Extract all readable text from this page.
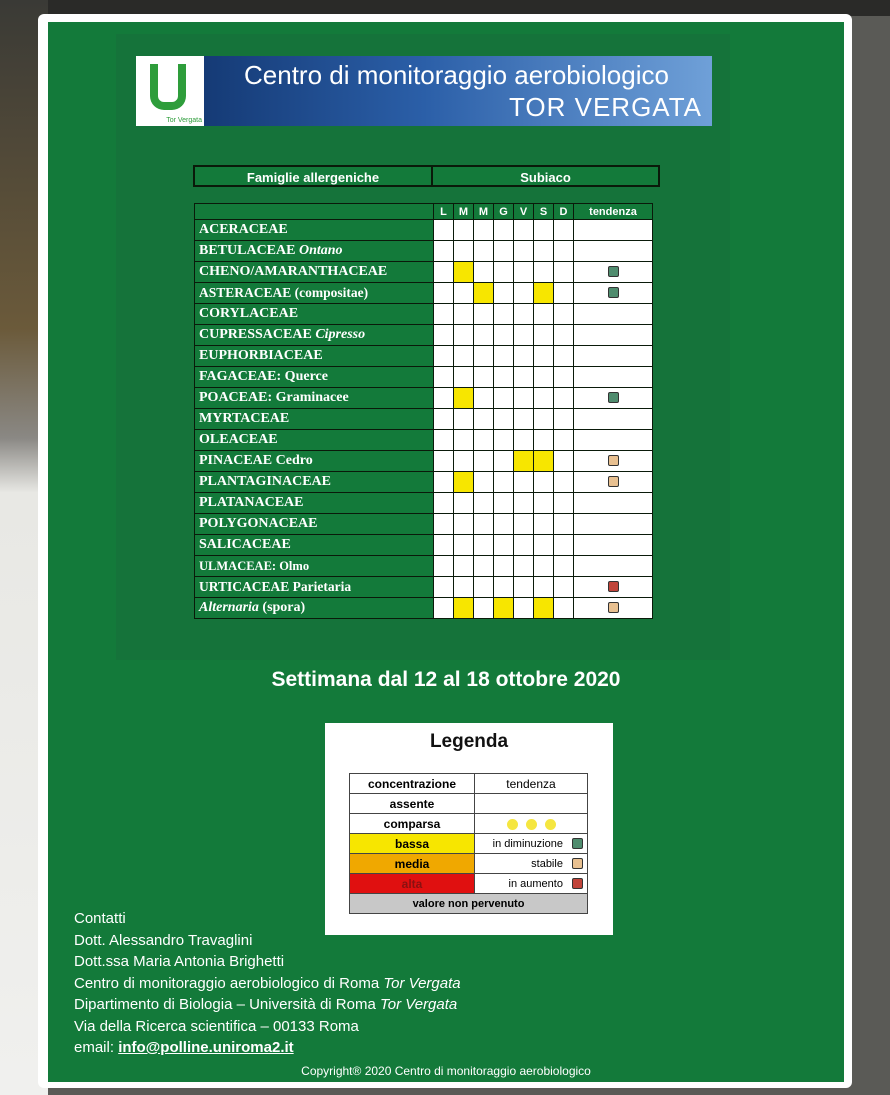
Tor Vergata
Centro di monitoraggio aerobiologico
TOR VERGATA
Famiglie allergeniche	Subiaco
	L	M	M	G	V	S	D	tendenza
ACERACEAE								
BETULACEAE Ontano								
CHENO/AMARANTHACEAE								
ASTERACEAE (compositae)								
CORYLACEAE								
CUPRESSACEAE Cipresso								
EUPHORBIACEAE								
FAGACEAE: Querce								
POACEAE: Graminacee								
MYRTACEAE								
OLEACEAE								
PINACEAE Cedro								
PLANTAGINACEAE								
PLATANACEAE								
POLYGONACEAE								
SALICACEAE								
ULMACEAE: Olmo								
URTICACEAE Parietaria								
Alternaria (spora)								
Settimana dal 12 al 18 ottobre 2020
Legenda
concentrazione	tendenza
assente	
comparsa	
bassa	in diminuzione
media	stabile
alta	in aumento
valore non pervenuto	
Contatti
Dott. Alessandro Travaglini
Dott.ssa Maria Antonia Brighetti
Centro di monitoraggio aerobiologico di Roma Tor Vergata
Dipartimento di Biologia – Università di Roma Tor Vergata
Via della Ricerca scientifica – 00133 Roma
email: info@polline.uniroma2.it
Copyright® 2020 Centro di monitoraggio aerobiologico
